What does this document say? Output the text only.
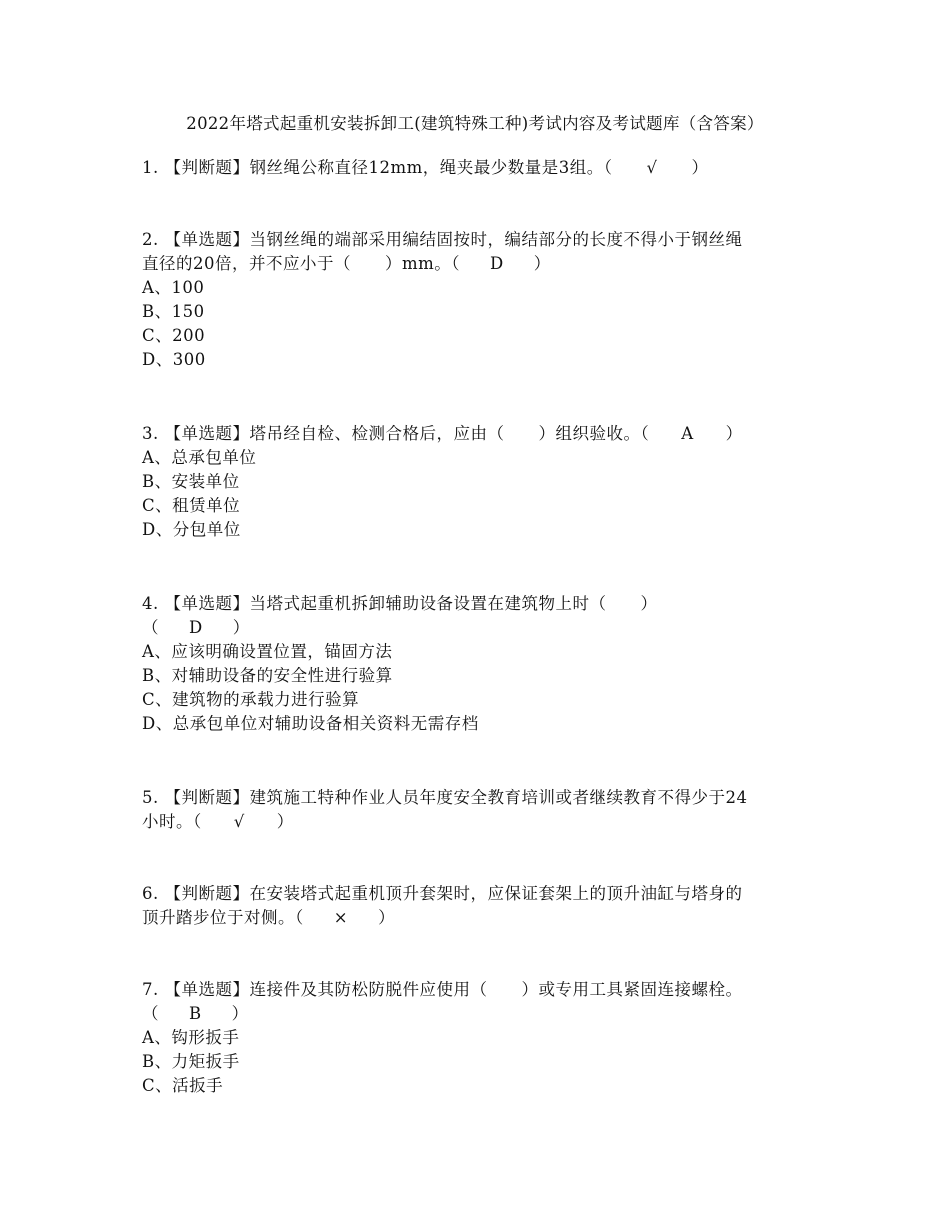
2022年塔式起重机安装拆卸工(建筑特殊工种)考试内容及考试题库（含答案）
1. 【判断题】钢丝绳公称直径12mm，绳夹最少数量是3组。（ √ ）
2. 【单选题】当钢丝绳的端部采用编结固按时，编结部分的长度不得小于钢丝绳
直径的20倍，并不应小于（　　）mm。（ D ）
A、100
B、150
C、200
D、300
3. 【单选题】塔吊经自检、检测合格后，应由（　　）组织验收。（ A ）
A、总承包单位
B、安装单位
C、租赁单位
D、分包单位
4. 【单选题】当塔式起重机拆卸辅助设备设置在建筑物上时（　　）
（ D ）
A、应该明确设置位置，锚固方法
B、对辅助设备的安全性进行验算
C、建筑物的承载力进行验算
D、总承包单位对辅助设备相关资料无需存档
5. 【判断题】建筑施工特种作业人员年度安全教育培训或者继续教育不得少于24
小时。（ √ ）
6. 【判断题】在安装塔式起重机顶升套架时，应保证套架上的顶升油缸与塔身的
顶升踏步位于对侧。（ × ）
7. 【单选题】连接件及其防松防脱件应使用（　　）或专用工具紧固连接螺栓。
（ B ）
A、钩形扳手
B、力矩扳手
C、活扳手
